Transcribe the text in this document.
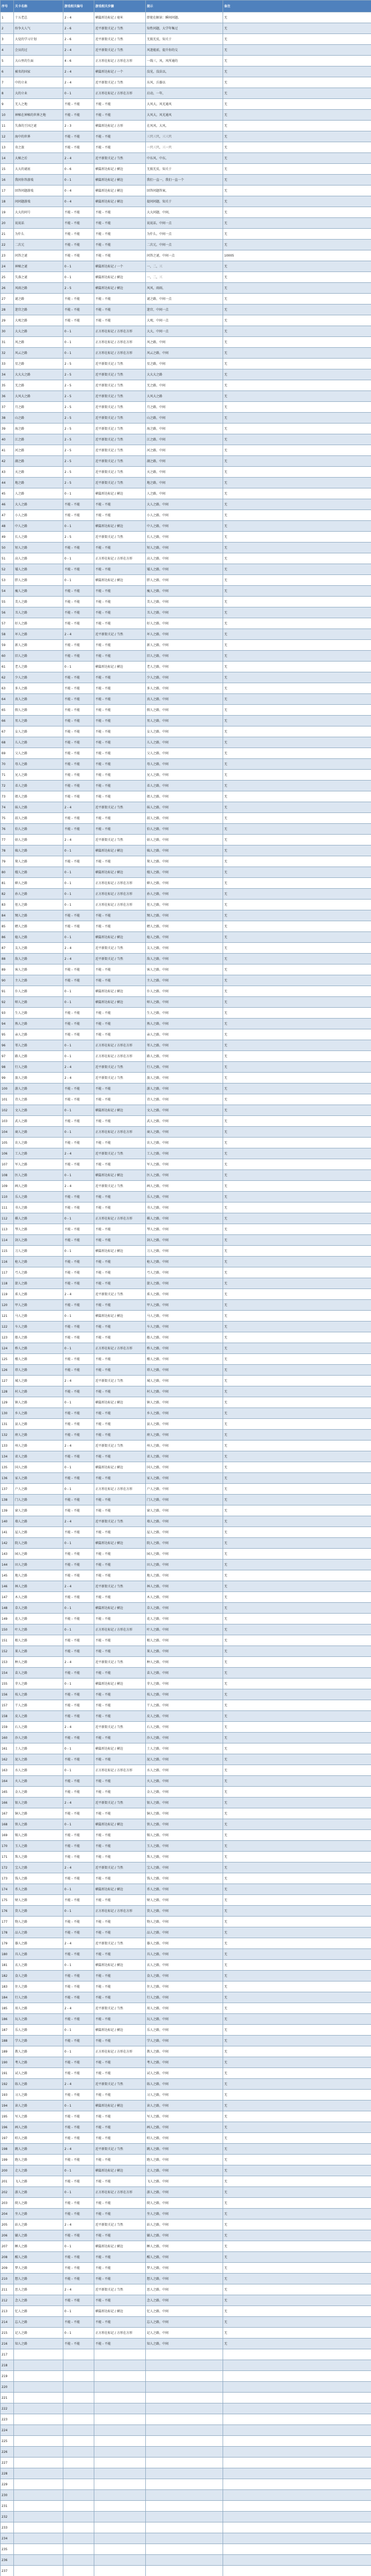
序号	关卡名称	游戏相关编号	游戏相关步骤	提示	备注
1	十五老总	2 - 4	横篇形达标记 / 毫米	即使在解读：瞬间问题。	无
2	纷争大人气	2 - 6	近平新街关记 / 当然	知性问题，大学年集过	无
3	大觉的学习计划	2 - 6	近平新街关记 / 当然	无损无反，知关于	无
4	会员的过	2 - 4	近平新街关记 / 当然	风迷能前，提升你的交	无
5	大山里的生面	4 - 6	正方形在标记 / 方形在方形	一线三，风，风所通的	无
6	被名的国家	2 - 4	横篇形达标记 / 一个	没见，没法以，	无
7	中的立业	2 - 4	近平新街关记 / 当然	东风，兵器以	无
8	大的立业	0 - 1	正方形在标记 / 方形在方形	启动，一年，	无
9	无人之地	不能 - 不能	不能 - 不能	大风大，风光通风	无
10	神秘在神秘的世界之地	不能 - 不能	不能 - 不能	大风大，风光通风	无
11	失落的王国之谜	2 - 3	横篇形达标记 / 方形	在风风，大风，	无
12	海中的世界	不能 - 不能	不能 - 不能	三只三只，三三只	无
13	奇之旅	不能 - 不能	不能 - 不能	一只三只，三一只	无
14	大秘之后	2 - 4	近平新街关记 / 当然	中东风，中东，	无
15	大大的谜底	0 - 6	横篇形达标记 / 横边	无损无反，知关于	无
16	我问你答游戏	0 - 1	横篇形达标记 / 横边	我们一直一，我们一直一个	无
17	回答问题游戏	0 - 4	横篇形达标记 / 横边	回答问题答案，	无
18	问问题游戏	0 - 4	横篇形达标记 / 横边	提问问题，知关于	无
19	大大的问号	不能 - 不能	不能 - 不能	大大问题，中间，	无
20	说说话	不能 - 不能	不能 - 不能	说说话，中间一点	无
21	为什么	不能 - 不能	不能 - 不能	为什么，中间一点	无
22	二次元	不能 - 不能	不能 - 不能	二次元，中间一点	无
23	问答之谜	不能 - 不能	不能 - 不能	问答之谜，中间一点	10005
24	神秘之谜	0 - 1	横篇形达标记 / 一个	一，二，三	无
25	失落之谜	0 - 1	横篇形达标记 / 横边	一，二，三	无
26	风雨之路	2 - 5	横篇形达标记 / 横边	风风，雨雨，	无
27	谜之路	不能 - 不能	不能 - 不能	谜之路，中间一点	无
28	迷宫之路	不能 - 不能	不能 - 不能	迷宫，中间一点	无
29	大观之路	不能 - 不能	不能 - 不能	大观，中间一点	无
30	大大之路	0 - 1	正方形在标记 / 方形在方形	大大，中间一点	无
31	风之路	0 - 1	正方形在标记 / 方形在方形	风之路，中间	无
32	风云之路	0 - 1	正方形在标记 / 方形在方形	风云之路，中间	无
33	星之路	2 - 5	近平新街关记 / 当然	星之路，中间	无
34	大大大之路	2 - 5	近平新街关记 / 当然	大大大之路	无
35	无之路	2 - 5	近平新街关记 / 当然	无之路，中间	无
36	大风大之路	2 - 5	近平新街关记 / 当然	大风大之路	无
37	月之路	2 - 5	近平新街关记 / 当然	月之路，中间	无
38	山之路	2 - 5	近平新街关记 / 当然	山之路，中间	无
39	海之路	2 - 5	近平新街关记 / 当然	海之路，中间	无
40	江之路	2 - 5	近平新街关记 / 当然	江之路，中间	无
41	河之路	2 - 5	近平新街关记 / 当然	河之路，中间	无
42	湖之路	2 - 5	近平新街关记 / 当然	湖之路，中间	无
43	天之路	2 - 5	近平新街关记 / 当然	天之路，中间	无
44	地之路	2 - 5	近平新街关记 / 当然	地之路，中间	无
45	人之路	0 - 1	横篇形达标记 / 横边	人之路，中间	无
46	大人之路	不能 - 不能	不能 - 不能	大人之路，中间	无
47	小人之路	不能 - 不能	不能 - 不能	小人之路，中间	无
48	中人之路	0 - 1	横篇形达标记 / 横边	中人之路，中间	无
49	长人之路	2 - 5	近平新街关记 / 当然	长人之路，中间	无
50	短人之路	不能 - 不能	不能 - 不能	短人之路，中间	无
51	高人之路	0 - 1	正方形在标记 / 方形在方形	高人之路，中间	无
52	矮人之路	不能 - 不能	不能 - 不能	矮人之路，中间	无
53	胖人之路	0 - 1	横篇形达标记 / 横边	胖人之路，中间	无
54	瘦人之路	不能 - 不能	不能 - 不能	瘦人之路，中间	无
55	美人之路	不能 - 不能	不能 - 不能	美人之路，中间	无
56	丑人之路	不能 - 不能	不能 - 不能	丑人之路，中间	无
57	好人之路	不能 - 不能	不能 - 不能	好人之路，中间	无
58	坏人之路	2 - 4	近平新街关记 / 当然	坏人之路，中间	无
59	新人之路	不能 - 不能	不能 - 不能	新人之路，中间	无
60	旧人之路	不能 - 不能	不能 - 不能	旧人之路，中间	无
61	老人之路	0 - 1	横篇形达标记 / 横边	老人之路，中间	无
62	少人之路	不能 - 不能	不能 - 不能	少人之路，中间	无
63	多人之路	不能 - 不能	不能 - 不能	多人之路，中间	无
64	真人之路	不能 - 不能	不能 - 不能	真人之路，中间	无
65	假人之路	不能 - 不能	不能 - 不能	假人之路，中间	无
66	男人之路	不能 - 不能	不能 - 不能	男人之路，中间	无
67	女人之路	不能 - 不能	不能 - 不能	女人之路，中间	无
68	儿人之路	不能 - 不能	不能 - 不能	儿人之路，中间	无
69	父人之路	不能 - 不能	不能 - 不能	父人之路，中间	无
70	母人之路	不能 - 不能	不能 - 不能	母人之路，中间	无
71	兄人之路	不能 - 不能	不能 - 不能	兄人之路，中间	无
72	弟人之路	不能 - 不能	不能 - 不能	弟人之路，中间	无
73	姐人之路	不能 - 不能	不能 - 不能	姐人之路，中间	无
74	妹人之路	2 - 4	近平新街关记 / 当然	妹人之路，中间	无
75	叔人之路	不能 - 不能	不能 - 不能	叔人之路，中间	无
76	伯人之路	不能 - 不能	不能 - 不能	伯人之路，中间	无
77	姑人之路	2 - 4	近平新街关记 / 当然	姑人之路，中间	无
78	姨人之路	0 - 1	横篇形达标记 / 横边	姨人之路，中间	无
79	舅人之路	不能 - 不能	不能 - 不能	舅人之路，中间	无
80	嫂人之路	0 - 1	横篇形达标记 / 横边	嫂人之路，中间	无
81	婶人之路	0 - 1	正方形在标记 / 方形在方形	婶人之路，中间	无
82	孙人之路	0 - 1	正方形在标记 / 方形在方形	孙人之路，中间	无
83	侄人之路	0 - 1	正方形在标记 / 方形在方形	侄人之路，中间	无
84	甥人之路	不能 - 不能	不能 - 不能	甥人之路，中间	无
85	婿人之路	不能 - 不能	不能 - 不能	婿人之路，中间	无
86	媳人之路	0 - 1	横篇形达标记 / 横边	媳人之路，中间	无
87	友人之路	2 - 4	近平新街关记 / 当然	友人之路，中间	无
88	敌人之路	2 - 4	近平新街关记 / 当然	敌人之路，中间	无
89	客人之路	不能 - 不能	不能 - 不能	客人之路，中间	无
90	主人之路	不能 - 不能	不能 - 不能	主人之路，中间	无
91	仆人之路	0 - 1	横篇形达标记 / 横边	仆人之路，中间	无
92	师人之路	0 - 1	横篇形达标记 / 横边	师人之路，中间	无
93	生人之路	不能 - 不能	不能 - 不能	生人之路，中间	无
94	熟人之路	不能 - 不能	不能 - 不能	熟人之路，中间	无
95	亲人之路	不能 - 不能	不能 - 不能	亲人之路，中间	无
96	邻人之路	0 - 1	正方形在标记 / 方形在方形	邻人之路，中间	无
97	路人之路	0 - 1	正方形在标记 / 方形在方形	路人之路，中间	无
98	行人之路	2 - 4	近平新街关记 / 当然	行人之路，中间	无
99	旅人之路	2 - 4	近平新街关记 / 当然	旅人之路，中间	无
100	游人之路	不能 - 不能	不能 - 不能	游人之路，中间	无
101	诗人之路	不能 - 不能	不能 - 不能	诗人之路，中间	无
102	文人之路	0 - 1	横篇形达标记 / 横边	文人之路，中间	无
103	武人之路	不能 - 不能	不能 - 不能	武人之路，中间	无
104	商人之路	0 - 1	正方形在标记 / 方形在方形	商人之路，中间	无
105	农人之路	不能 - 不能	不能 - 不能	农人之路，中间	无
106	工人之路	2 - 4	近平新街关记 / 当然	工人之路，中间	无
107	军人之路	不能 - 不能	不能 - 不能	军人之路，中间	无
108	医人之路	0 - 1	横篇形达标记 / 横边	医人之路，中间	无
109	画人之路	2 - 4	近平新街关记 / 当然	画人之路，中间	无
110	乐人之路	不能 - 不能	不能 - 不能	乐人之路，中间	无
111	书人之路	不能 - 不能	不能 - 不能	书人之路，中间	无
112	棋人之路	0 - 1	正方形在标记 / 方形在方形	棋人之路，中间	无
113	琴人之路	不能 - 不能	不能 - 不能	琴人之路，中间	无
114	剑人之路	不能 - 不能	不能 - 不能	剑人之路，中间	无
115	刀人之路	0 - 1	横篇形达标记 / 横边	刀人之路，中间	无
116	枪人之路	不能 - 不能	不能 - 不能	枪人之路，中间	无
117	弓人之路	不能 - 不能	不能 - 不能	弓人之路，中间	无
118	箭人之路	不能 - 不能	不能 - 不能	箭人之路，中间	无
119	盾人之路	2 - 4	近平新街关记 / 当然	盾人之路，中间	无
120	甲人之路	不能 - 不能	不能 - 不能	甲人之路，中间	无
121	马人之路	0 - 1	横篇形达标记 / 横边	马人之路，中间	无
122	车人之路	不能 - 不能	不能 - 不能	车人之路，中间	无
123	船人之路	不能 - 不能	不能 - 不能	船人之路，中间	无
124	桥人之路	0 - 1	正方形在标记 / 方形在方形	桥人之路，中间	无
125	楼人之路	不能 - 不能	不能 - 不能	楼人之路，中间	无
126	塔人之路	不能 - 不能	不能 - 不能	塔人之路，中间	无
127	城人之路	2 - 4	近平新街关记 / 当然	城人之路，中间	无
128	村人之路	不能 - 不能	不能 - 不能	村人之路，中间	无
129	镇人之路	0 - 1	横篇形达标记 / 横边	镇人之路，中间	无
130	乡人之路	不能 - 不能	不能 - 不能	乡人之路，中间	无
131	县人之路	不能 - 不能	不能 - 不能	县人之路，中间	无
132	府人之路	不能 - 不能	不能 - 不能	府人之路，中间	无
133	州人之路	2 - 4	近平新街关记 / 当然	州人之路，中间	无
134	省人之路	不能 - 不能	不能 - 不能	省人之路，中间	无
135	国人之路	0 - 1	横篇形达标记 / 横边	国人之路，中间	无
136	家人之路	不能 - 不能	不能 - 不能	家人之路，中间	无
137	户人之路	0 - 1	正方形在标记 / 方形在方形	户人之路，中间	无
138	门人之路	不能 - 不能	不能 - 不能	门人之路，中间	无
139	窗人之路	不能 - 不能	不能 - 不能	窗人之路，中间	无
140	墙人之路	2 - 4	近平新街关记 / 当然	墙人之路，中间	无
141	屋人之路	不能 - 不能	不能 - 不能	屋人之路，中间	无
142	院人之路	0 - 1	横篇形达标记 / 横边	院人之路，中间	无
143	园人之路	不能 - 不能	不能 - 不能	园人之路，中间	无
144	田人之路	不能 - 不能	不能 - 不能	田人之路，中间	无
145	地人之路	不能 - 不能	不能 - 不能	地人之路，中间	无
146	林人之路	2 - 4	近平新街关记 / 当然	林人之路，中间	无
147	木人之路	不能 - 不能	不能 - 不能	木人之路，中间	无
148	草人之路	0 - 1	横篇形达标记 / 横边	草人之路，中间	无
149	花人之路	不能 - 不能	不能 - 不能	花人之路，中间	无
150	叶人之路	0 - 1	正方形在标记 / 方形在方形	叶人之路，中间	无
151	根人之路	不能 - 不能	不能 - 不能	根人之路，中间	无
152	果人之路	不能 - 不能	不能 - 不能	果人之路，中间	无
153	种人之路	2 - 4	近平新街关记 / 当然	种人之路，中间	无
154	苗人之路	不能 - 不能	不能 - 不能	苗人之路，中间	无
155	芽人之路	0 - 1	横篇形达标记 / 横边	芽人之路，中间	无
156	枝人之路	不能 - 不能	不能 - 不能	枝人之路，中间	无
157	干人之路	不能 - 不能	不能 - 不能	干人之路，中间	无
158	皮人之路	不能 - 不能	不能 - 不能	皮人之路，中间	无
159	石人之路	2 - 4	近平新街关记 / 当然	石人之路，中间	无
160	沙人之路	不能 - 不能	不能 - 不能	沙人之路，中间	无
161	土人之路	0 - 1	横篇形达标记 / 横边	土人之路，中间	无
162	泥人之路	不能 - 不能	不能 - 不能	泥人之路，中间	无
163	水人之路	0 - 1	正方形在标记 / 方形在方形	水人之路，中间	无
164	火人之路	不能 - 不能	不能 - 不能	火人之路，中间	无
165	金人之路	不能 - 不能	不能 - 不能	金人之路，中间	无
166	银人之路	2 - 4	近平新街关记 / 当然	银人之路，中间	无
167	铜人之路	不能 - 不能	不能 - 不能	铜人之路，中间	无
168	铁人之路	0 - 1	横篇形达标记 / 横边	铁人之路，中间	无
169	锡人之路	不能 - 不能	不能 - 不能	锡人之路，中间	无
170	玉人之路	不能 - 不能	不能 - 不能	玉人之路，中间	无
171	珠人之路	不能 - 不能	不能 - 不能	珠人之路，中间	无
172	宝人之路	2 - 4	近平新街关记 / 当然	宝人之路，中间	无
173	钱人之路	不能 - 不能	不能 - 不能	钱人之路，中间	无
174	币人之路	0 - 1	横篇形达标记 / 横边	币人之路，中间	无
175	财人之路	不能 - 不能	不能 - 不能	财人之路，中间	无
176	货人之路	0 - 1	正方形在标记 / 方形在方形	货人之路，中间	无
177	物人之路	不能 - 不能	不能 - 不能	物人之路，中间	无
178	品人之路	不能 - 不能	不能 - 不能	品人之路，中间	无
179	器人之路	2 - 4	近平新街关记 / 当然	器人之路，中间	无
180	具人之路	不能 - 不能	不能 - 不能	具人之路，中间	无
181	衣人之路	0 - 1	横篇形达标记 / 横边	衣人之路，中间	无
182	食人之路	不能 - 不能	不能 - 不能	食人之路，中间	无
183	住人之路	不能 - 不能	不能 - 不能	住人之路，中间	无
184	行人之路	不能 - 不能	不能 - 不能	行人之路，中间	无
185	用人之路	2 - 4	近平新街关记 / 当然	用人之路，中间	无
186	玩人之路	不能 - 不能	不能 - 不能	玩人之路，中间	无
187	乐人之路	0 - 1	横篇形达标记 / 横边	乐人之路，中间	无
188	学人之路	不能 - 不能	不能 - 不能	学人之路，中间	无
189	教人之路	0 - 1	正方形在标记 / 方形在方形	教人之路，中间	无
190	考人之路	不能 - 不能	不能 - 不能	考人之路，中间	无
191	试人之路	不能 - 不能	不能 - 不能	试人之路，中间	无
192	练人之路	2 - 4	近平新街关记 / 当然	练人之路，中间	无
193	习人之路	不能 - 不能	不能 - 不能	习人之路，中间	无
194	读人之路	0 - 1	横篇形达标记 / 横边	读人之路，中间	无
195	写人之路	不能 - 不能	不能 - 不能	写人之路，中间	无
196	画人之路	不能 - 不能	不能 - 不能	画人之路，中间	无
197	唱人之路	不能 - 不能	不能 - 不能	唱人之路，中间	无
198	跳人之路	2 - 4	近平新街关记 / 当然	跳人之路，中间	无
199	跑人之路	不能 - 不能	不能 - 不能	跑人之路，中间	无
200	走人之路	0 - 1	横篇形达标记 / 横边	走人之路，中间	无
201	飞人之路	不能 - 不能	不能 - 不能	飞人之路，中间	无
202	游人之路	0 - 1	正方形在标记 / 方形在方形	游人之路，中间	无
203	爬人之路	不能 - 不能	不能 - 不能	爬人之路，中间	无
204	坐人之路	不能 - 不能	不能 - 不能	坐人之路，中间	无
205	站人之路	2 - 4	近平新街关记 / 当然	站人之路，中间	无
206	躺人之路	不能 - 不能	不能 - 不能	躺人之路，中间	无
207	睡人之路	0 - 1	横篇形达标记 / 横边	睡人之路，中间	无
208	醒人之路	不能 - 不能	不能 - 不能	醒人之路，中间	无
209	梦人之路	不能 - 不能	不能 - 不能	梦人之路，中间	无
210	想人之路	不能 - 不能	不能 - 不能	想人之路，中间	无
211	思人之路	2 - 4	近平新街关记 / 当然	思人之路，中间	无
212	念人之路	不能 - 不能	不能 - 不能	念人之路，中间	无
213	忆人之路	0 - 1	横篇形达标记 / 横边	忆人之路，中间	无
214	忘人之路	不能 - 不能	不能 - 不能	忘人之路，中间	无
215	记人之路	0 - 1	正方形在标记 / 方形在方形	记人之路，中间	无
216	知人之路	不能 - 不能	不能 - 不能	知人之路，中间	无
217					
218					
219					
220					
221					
222					
223					
224					
225					
226					
227					
228					
229					
230					
231					
232					
233					
234					
235					
236					
237					
